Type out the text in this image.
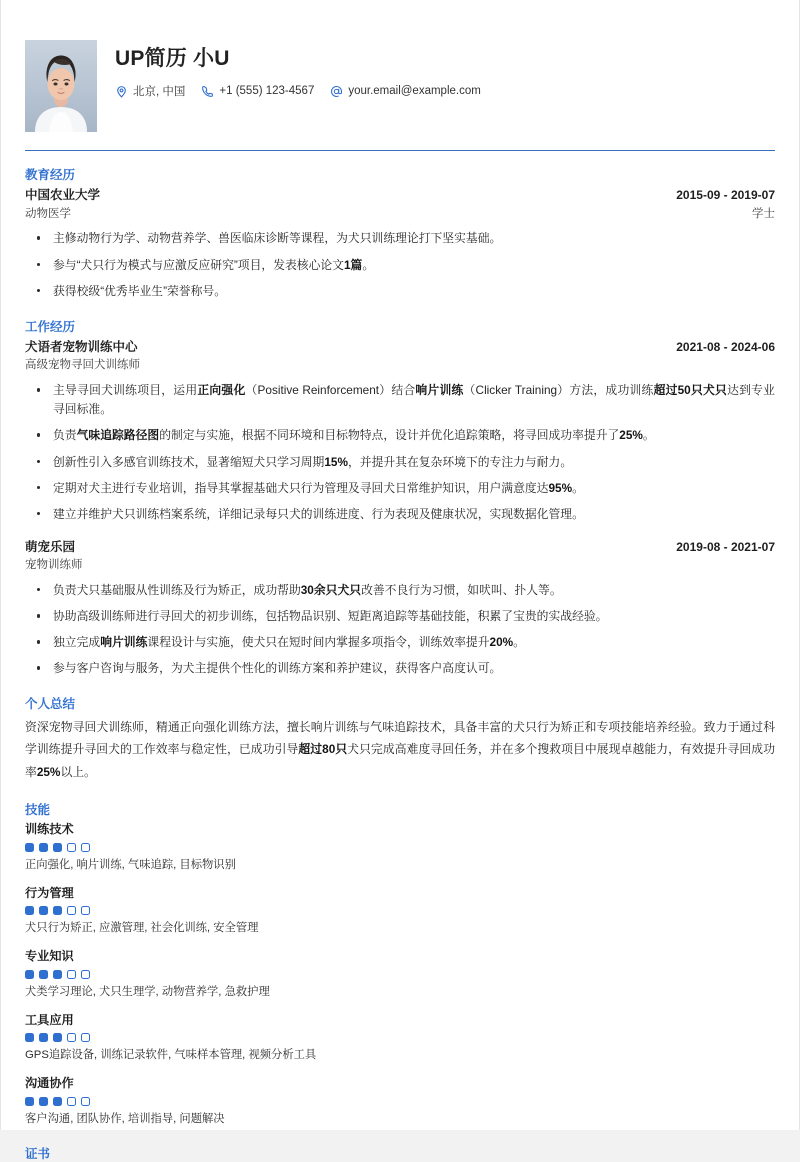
UP简历 小U
北京, 中国	+1 (555) 123-4567	your.email@example.com
教育经历
中国农业大学	2015-09 - 2019-07
动物医学	学士
主修动物行为学、动物营养学、兽医临床诊断等课程，为犬只训练理论打下坚实基础。
参与“犬只行为模式与应激反应研究”项目，发表核心论文1篇。
获得校级“优秀毕业生”荣誉称号。
工作经历
犬语者宠物训练中心	2021-08 - 2024-06
高级宠物寻回犬训练师
主导寻回犬训练项目，运用正向强化（Positive Reinforcement）结合响片训练（Clicker Training）方法，成功训练超过50只犬只达到专业寻回标准。
负责气味追踪路径图的制定与实施，根据不同环境和目标物特点，设计并优化追踪策略，将寻回成功率提升了25%。
创新性引入多感官训练技术，显著缩短犬只学习周期15%，并提升其在复杂环境下的专注力与耐力。
定期对犬主进行专业培训，指导其掌握基础犬只行为管理及寻回犬日常维护知识，用户满意度达95%。
建立并维护犬只训练档案系统，详细记录每只犬的训练进度、行为表现及健康状况，实现数据化管理。
萌宠乐园	2019-08 - 2021-07
宠物训练师
负责犬只基础服从性训练及行为矫正，成功帮助30余只犬只改善不良行为习惯，如吠叫、扑人等。
协助高级训练师进行寻回犬的初步训练，包括物品识别、短距离追踪等基础技能，积累了宝贵的实战经验。
独立完成响片训练课程设计与实施，使犬只在短时间内掌握多项指令，训练效率提升20%。
参与客户咨询与服务，为犬主提供个性化的训练方案和养护建议，获得客户高度认可。
个人总结

资深宠物寻回犬训练师，精通正向强化训练方法，擅长响片训练与气味追踪技术，具备丰富的犬只行为矫正和专项技能培养经验。致力于通过科学训练提升寻回犬的工作效率与稳定性，已成功引导超过80只犬只完成高难度寻回任务，并在多个搜救项目中展现卓越能力，有效提升寻回成功率25%以上。

技能
训练技术
正向强化, 响片训练, 气味追踪, 目标物识别
行为管理
犬只行为矫正, 应激管理, 社会化训练, 安全管理
专业知识
犬类学习理论, 犬只生理学, 动物营养学, 急救护理
工具应用
GPS追踪设备, 训练记录软件, 气味样本管理, 视频分析工具
沟通协作
客户沟通, 团队协作, 培训指导, 问题解决
证书
